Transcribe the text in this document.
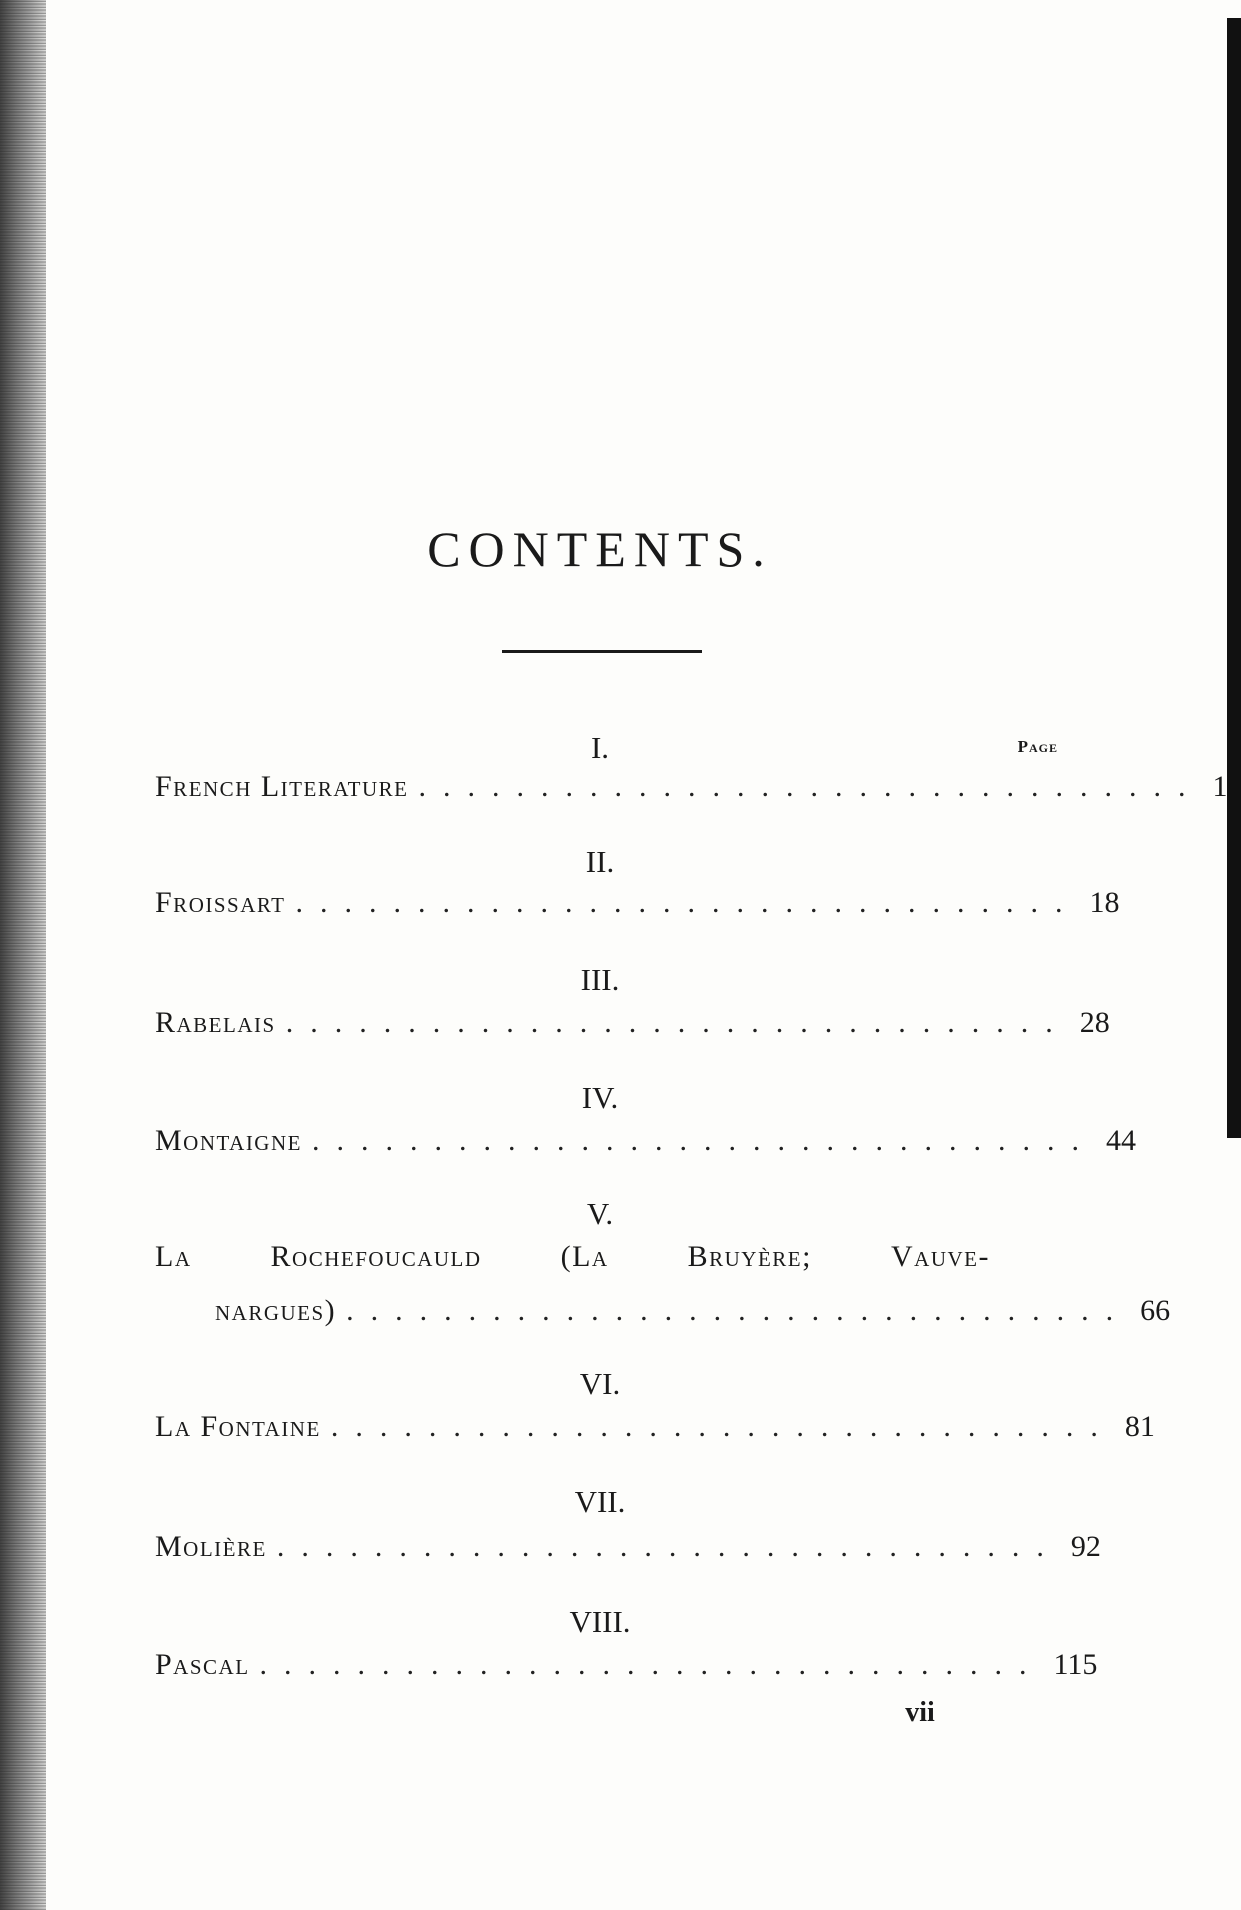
CONTENTS.
Page
I.
French Literature ................................ 1
II.
Froissart ................................ 18
III.
Rabelais ................................ 28
IV.
Montaigne ................................ 44
V.
La	Rochefoucauld	(La	Bruyère;	Vauve-
nargues) ................................ 66
VI.
La Fontaine ................................ 81
VII.
Molière ................................ 92
VIII.
Pascal ................................ 115
vii
